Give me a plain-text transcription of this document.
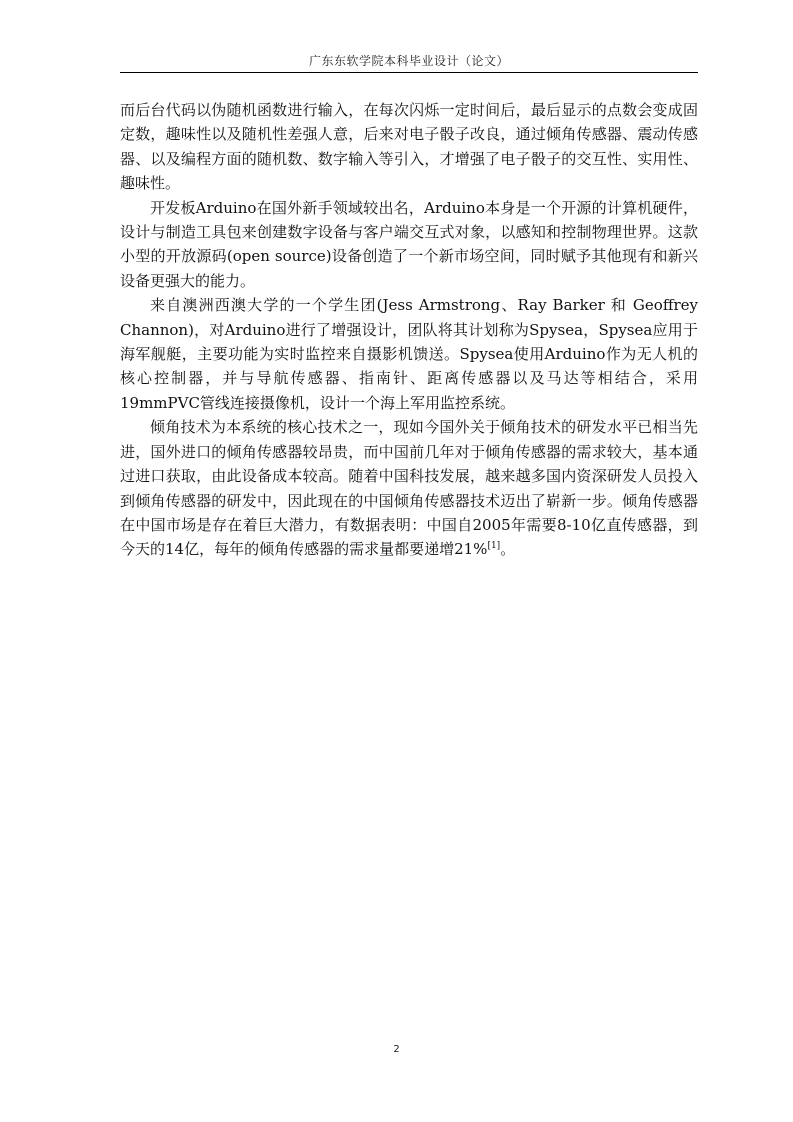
广东东软学院本科毕业设计（论文）

而后台代码以伪随机函数进行输入，在每次闪烁一定时间后，最后显示的点数会变成固定数，趣味性以及随机性差强人意，后来对电子骰子改良，通过倾角传感器、震动传感器、以及编程方面的随机数、数字输入等引入，才增强了电子骰子的交互性、实用性、趣味性。

开发板Arduino在国外新手领域较出名，Arduino本身是一个开源的计算机硬件，设计与制造工具包来创建数字设备与客户端交互式对象，以感知和控制物理世界。这款小型的开放源码(open source)设备创造了一个新市场空间，同时赋予其他现有和新兴设备更强大的能力。

来自澳洲西澳大学的一个学生团(Jess Armstrong、Ray Barker 和 Geoffrey Channon)，对Arduino进行了增强设计，团队将其计划称为Spysea，Spysea应用于海军舰艇，主要功能为实时监控来自摄影机馈送。Spysea使用Arduino作为无人机的核心控制器，并与导航传感器、指南针、距离传感器以及马达等相结合，采用19mmPVC管线连接摄像机，设计一个海上军用监控系统。

倾角技术为本系统的核心技术之一，现如今国外关于倾角技术的研发水平已相当先进，国外进口的倾角传感器较昂贵，而中国前几年对于倾角传感器的需求较大，基本通过进口获取，由此设备成本较高。随着中国科技发展，越来越多国内资深研发人员投入到倾角传感器的研发中，因此现在的中国倾角传感器技术迈出了崭新一步。倾角传感器在中国市场是存在着巨大潜力，有数据表明：中国自2005年需要8-10亿直传感器，到今天的14亿，每年的倾角传感器的需求量都要递增21%[1]。

2
